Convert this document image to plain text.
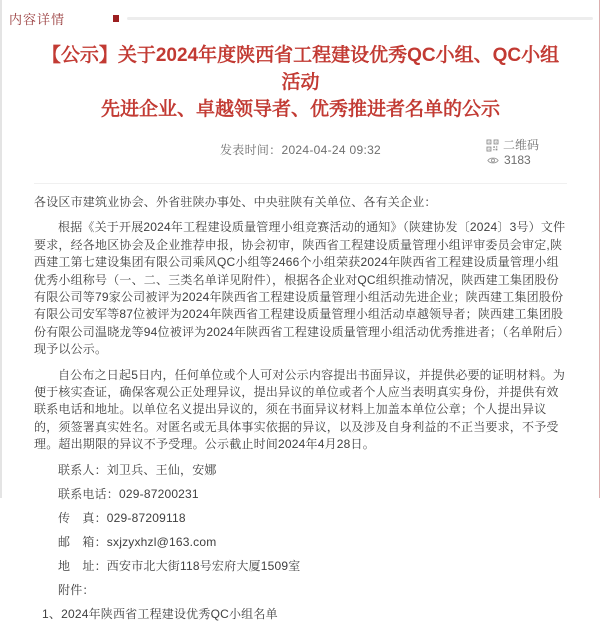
内容详情
【公示】关于2024年度陕西省工程建设优秀QC小组、QC小组活动
先进企业、卓越领导者、优秀推进者名单的公示
发表时间：2024-04-24 09:32	二维码
3183

各设区市建筑业协会、外省驻陕办事处、中央驻陕有关单位、各有关企业：

根据《关于开展2024年工程建设质量管理小组竞赛活动的通知》（陕建协发〔2024〕3号）文件要求，经各地区协会及企业推荐申报，协会初审，陕西省工程建设质量管理小组评审委员会审定,陕西建工第七建设集团有限公司乘风QC小组等2466个小组荣获2024年陕西省工程建设质量管理小组优秀小组称号（一、二、三类名单详见附件），根据各企业对QC组织推动情况，陕西建工集团股份有限公司等79家公司被评为2024年陕西省工程建设质量管理小组活动先进企业；陕西建工集团股份有限公司安军等87位被评为2024年陕西省工程建设质量管理小组活动卓越领导者；陕西建工集团股份有限公司温晓龙等94位被评为2024年陕西省工程建设质量管理小组活动优秀推进者；（名单附后）现予以公示。

自公布之日起5日内，任何单位或个人可对公示内容提出书面异议，并提供必要的证明材料。为便于核实查证，确保客观公正处理异议，提出异议的单位或者个人应当表明真实身份，并提供有效联系电话和地址。以单位名义提出异议的，须在书面异议材料上加盖本单位公章；个人提出异议的，须签署真实姓名。对匿名或无具体事实依据的异议，以及涉及自身利益的不正当要求，不予受理。超出期限的异议不予受理。公示截止时间2024年4月28日。

联系人：刘卫兵、王仙，安娜

联系电话：029-87200231

传　真：029-87209118

邮　箱：sxjzyxhzl@163.com

地　址：西安市北大街118号宏府大厦1509室

附件：

1、2024年陕西省工程建设优秀QC小组名单
